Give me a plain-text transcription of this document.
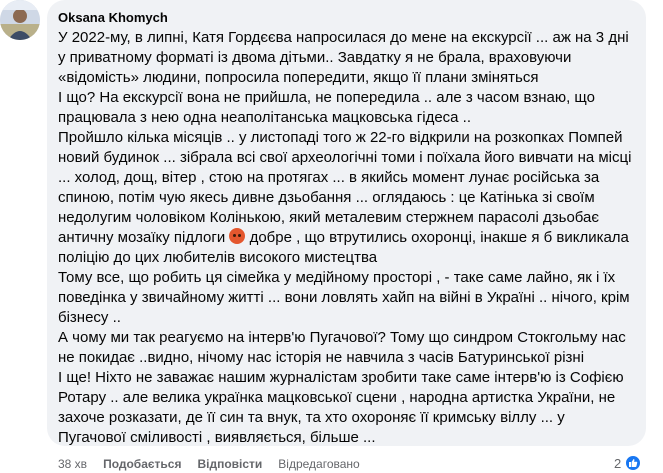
Oksana Khomych

У 2022-му, в липні, Катя Гордєєва напросилася до мене на екскурсії ... аж на 3 дні у приватному форматі із двома дітьми.. Завдатку я не брала, враховуючи «відомість» людини, попросила попередити, якщо її плани зміняться

І що? На екскурсії вона не прийшла, не попередила .. але з часом взнаю, що працювала з нею одна неаполітанська мацковська гідеса ..

Пройшло кілька місяців .. у листопаді того ж 22-го відкрили на розкопках Помпей новий будинок ... зібрала всі свої археологічні томи і поїхала його вивчати на місці ... холод, дощ, вітер , стою на протягах ... в якийсь момент лунає російська за спиною, потім чую якесь дивне дзьобання ... оглядаюсь : це Катінька зі своїм недолугим чоловіком Колінькою, який металевим стержнем парасолі дзьобає античну мозаїку підлоги  добре , що втрутились охоронці, інакше я б викликала поліцію до цих любителів високого мистецтва

Тому все, що робить ця сімейка у медійному просторі , - таке саме лайно, як і їх поведінка у звичайному житті ... вони ловлять хайп на війні в Україні .. нічого, крім бізнесу ..

А чому ми так реагуємо на інтерв'ю Пугачової? Тому що синдром Стокгольму нас не покидає ..видно, нічому нас історія не навчила з часів Батуринської різні

І ще! Ніхто не заважає нашим журналістам зробити таке саме інтерв'ю із Софією Ротару .. але велика українка мацковської сцени , народна артистка України, не захоче розказати, де її син та внук, та хто охороняє її кримську віллу ... у Пугачової сміливості , виявляється, більше ...

38 хв Подобається Відповісти Відредаговано	2
